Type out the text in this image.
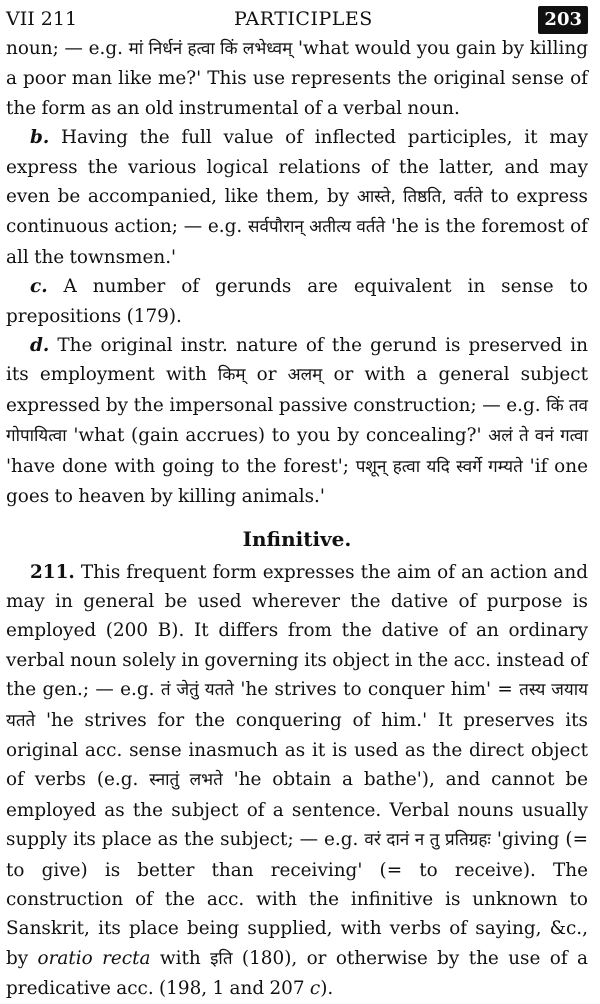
VII 211	PARTICIPLES	203

noun; — e.g. मां निर्धनं हत्वा किं लभेध्वम् 'what would you gain by killing a poor man like me?' This use represents the original sense of the form as an old instrumental of a verbal noun.

b. Having the full value of inflected participles, it may express the various logical relations of the latter, and may even be accompanied, like them, by आस्ते, तिष्ठति, वर्तते to express continuous action; — e.g. सर्वपौरान् अतीत्य वर्तते 'he is the foremost of all the townsmen.'

c. A number of gerunds are equivalent in sense to prepositions (179).

d. The original instr. nature of the gerund is preserved in its employment with किम् or अलम् or with a general subject expressed by the impersonal passive construction; — e.g. किं तव गोपायित्वा 'what (gain accrues) to you by concealing?' अलं ते वनं गत्वा 'have done with going to the forest'; पशून् हत्वा यदि स्वर्गे गम्यते 'if one goes to heaven by killing animals.'

Infinitive.

211. This frequent form expresses the aim of an action and may in general be used wherever the dative of purpose is employed (200 B). It differs from the dative of an ordinary verbal noun solely in governing its object in the acc. instead of the gen.; — e.g. तं जेतुं यतते 'he strives to conquer him' = तस्य जयाय यतते 'he strives for the conquering of him.' It preserves its original acc. sense inasmuch as it is used as the direct object of verbs (e.g. स्नातुं लभते 'he obtain a bathe'), and cannot be employed as the subject of a sentence. Verbal nouns usually supply its place as the subject; — e.g. वरं दानं न तु प्रतिग्रहः 'giving (= to give) is better than receiving' (= to receive). The construction of the acc. with the infinitive is unknown to Sanskrit, its place being supplied, with verbs of saying, &c., by oratio recta with इति (180), or otherwise by the use of a predicative acc. (198, 1 and 207 c).
